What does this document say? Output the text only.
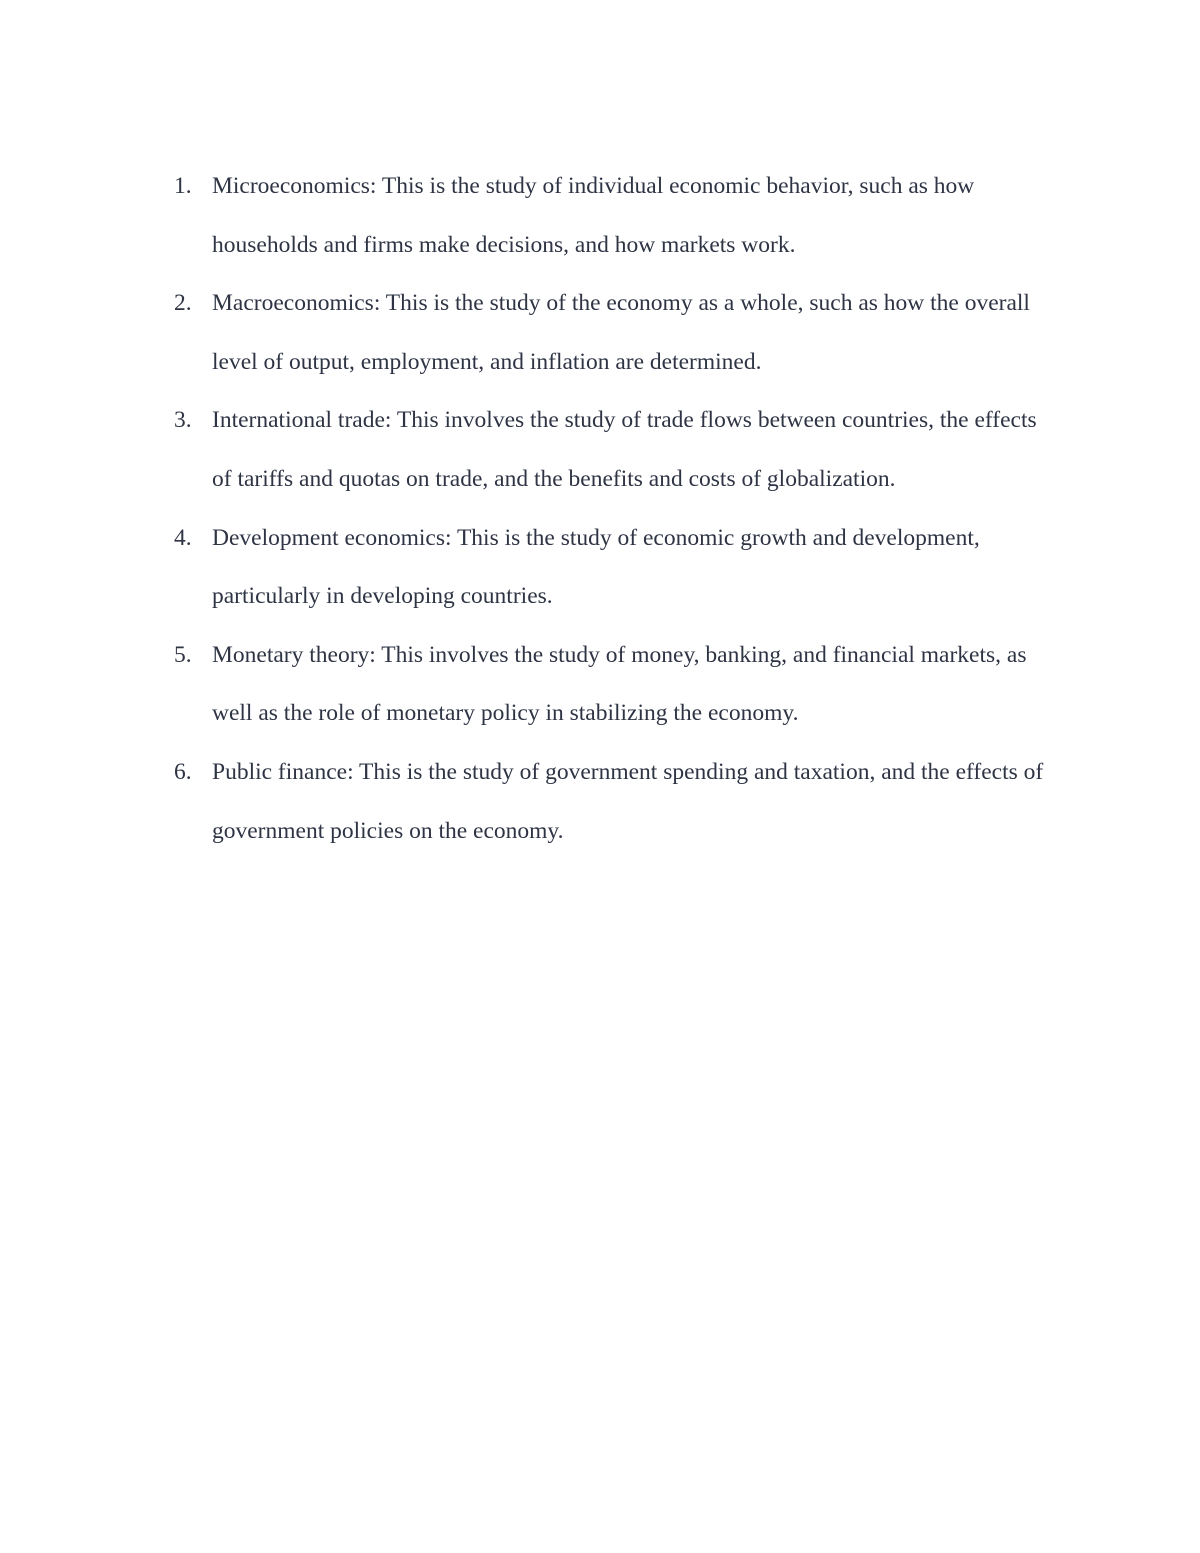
1. Microeconomics: This is the study of individual economic behavior, such as how households and firms make decisions, and how markets work.
2. Macroeconomics: This is the study of the economy as a whole, such as how the overall level of output, employment, and inflation are determined.
3. International trade: This involves the study of trade flows between countries, the effects of tariffs and quotas on trade, and the benefits and costs of globalization.
4. Development economics: This is the study of economic growth and development, particularly in developing countries.
5. Monetary theory: This involves the study of money, banking, and financial markets, as well as the role of monetary policy in stabilizing the economy.
6. Public finance: This is the study of government spending and taxation, and the effects of government policies on the economy.
